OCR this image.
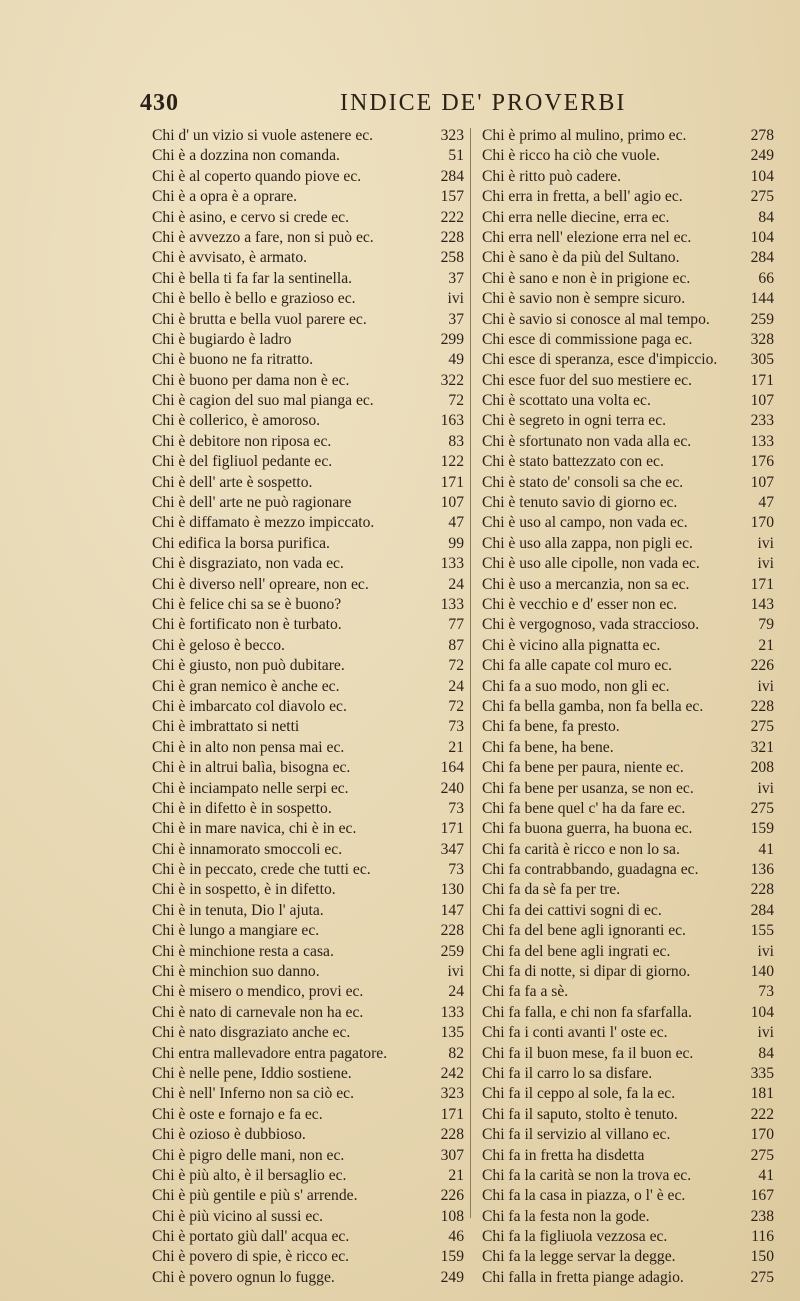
430	INDICE DE' PROVERBI
Chi d' un vizio si vuole astenere ec.	323
Chi è a dozzina non comanda.	51
Chi è al coperto quando piove ec.	284
Chi è a opra è a oprare.	157
Chi è asino, e cervo si crede ec.	222
Chi è avvezzo a fare, non si può ec.	228
Chi è avvisato, è armato.	258
Chi è bella ti fa far la sentinella.	37
Chi è bello è bello e grazioso ec.	ivi
Chi è brutta e bella vuol parere ec.	37
Chi è bugiardo è ladro	299
Chi è buono ne fa ritratto.	49
Chi è buono per dama non è ec.	322
Chi è cagion del suo mal pianga ec.	72
Chi è collerico, è amoroso.	163
Chi è debitore non riposa ec.	83
Chi è del figliuol pedante ec.	122
Chi è dell' arte è sospetto.	171
Chi è dell' arte ne può ragionare	107
Chi è diffamato è mezzo impiccato.	47
Chi edifica la borsa purifica.	99
Chi è disgraziato, non vada ec.	133
Chi è diverso nell' opreare, non ec.	24
Chi è felice chi sa se è buono?	133
Chi è fortificato non è turbato.	77
Chi è geloso è becco.	87
Chi è giusto, non può dubitare.	72
Chi è gran nemico è anche ec.	24
Chi è imbarcato col diavolo ec.	72
Chi è imbrattato si netti	73
Chi è in alto non pensa mai ec.	21
Chi è in altrui balìa, bisogna ec.	164
Chi è inciampato nelle serpi ec.	240
Chi è in difetto è in sospetto.	73
Chi è in mare navica, chi è in ec.	171
Chi è innamorato smoccoli ec.	347
Chi è in peccato, crede che tutti ec.	73
Chi è in sospetto, è in difetto.	130
Chi è in tenuta, Dio l' ajuta.	147
Chi è lungo a mangiare ec.	228
Chi è minchione resta a casa.	259
Chi è minchion suo danno.	ivi
Chi è misero o mendico, provi ec.	24
Chi è nato di carnevale non ha ec.	133
Chi è nato disgraziato anche ec.	135
Chi entra mallevadore entra pagatore.	82
Chi è nelle pene, Iddio sostiene.	242
Chi è nell' Inferno non sa ciò ec.	323
Chi è oste e fornajo e fa ec.	171
Chi è ozioso è dubbioso.	228
Chi è pigro delle mani, non ec.	307
Chi è più alto, è il bersaglio ec.	21
Chi è più gentile e più s' arrende.	226
Chi è più vicino al sussi ec.	108
Chi è portato giù dall' acqua ec.	46
Chi è povero di spie, è ricco ec.	159
Chi è povero ognun lo fugge.	249
Chi è primo al mulino, primo ec.	278
Chi è ricco ha ciò che vuole.	249
Chi è ritto può cadere.	104
Chi erra in fretta, a bell' agio ec.	275
Chi erra nelle diecine, erra ec.	84
Chi erra nell' elezione erra nel ec.	104
Chi è sano è da più del Sultano.	284
Chi è sano e non è in prigione ec.	66
Chi è savio non è sempre sicuro.	144
Chi è savio si conosce al mal tempo.	259
Chi esce di commissione paga ec.	328
Chi esce di speranza, esce d'impiccio. 305
Chi esce fuor del suo mestiere ec.	171
Chi è scottato una volta ec.	107
Chi è segreto in ogni terra ec.	233
Chi è sfortunato non vada alla ec.	133
Chi è stato battezzato con ec.	176
Chi è stato de' consoli sa che ec.	107
Chi è tenuto savio di giorno ec.	47
Chi è uso al campo, non vada ec.	170
Chi è uso alla zappa, non pigli ec.	ivi
Chi è uso alle cipolle, non vada ec.	ivi
Chi è uso a mercanzia, non sa ec.	171
Chi è vecchio e d' esser non ec.	143
Chi è vergognoso, vada straccioso.	79
Chi è vicino alla pignatta ec.	21
Chi fa alle capate col muro ec.	226
Chi fa a suo modo, non gli ec.	ivi
Chi fa bella gamba, non fa bella ec.	228
Chi fa bene, fa presto.	275
Chi fa bene, ha bene.	321
Chi fa bene per paura, niente ec.	208
Chi fa bene per usanza, se non ec.	ivi
Chi fa bene quel c' ha da fare ec.	275
Chi fa buona guerra, ha buona ec.	159
Chi fa carità è ricco e non lo sa.	41
Chi fa contrabbando, guadagna ec.	136
Chi fa da sè fa per tre.	228
Chi fa dei cattivi sogni di ec.	284
Chi fa del bene agli ignoranti ec.	155
Chi fa del bene agli ingrati ec.	ivi
Chi fa di notte, si dipar di giorno.	140
Chi fa fa a sè.	73
Chi fa falla, e chi non fa sfarfalla.	104
Chi fa i conti avanti l' oste ec.	ivi
Chi fa il buon mese, fa il buon ec.	84
Chi fa il carro lo sa disfare.	335
Chi fa il ceppo al sole, fa la ec.	181
Chi fa il saputo, stolto è tenuto.	222
Chi fa il servizio al villano ec.	170
Chi fa in fretta ha disdetta	275
Chi fa la carità se non la trova ec.	41
Chi fa la casa in piazza, o l' è ec.	167
Chi fa la festa non la gode.	238
Chi fa la figliuola vezzosa ec.	116
Chi fa la legge servar la degge.	150
Chi falla in fretta piange adagio.	275
